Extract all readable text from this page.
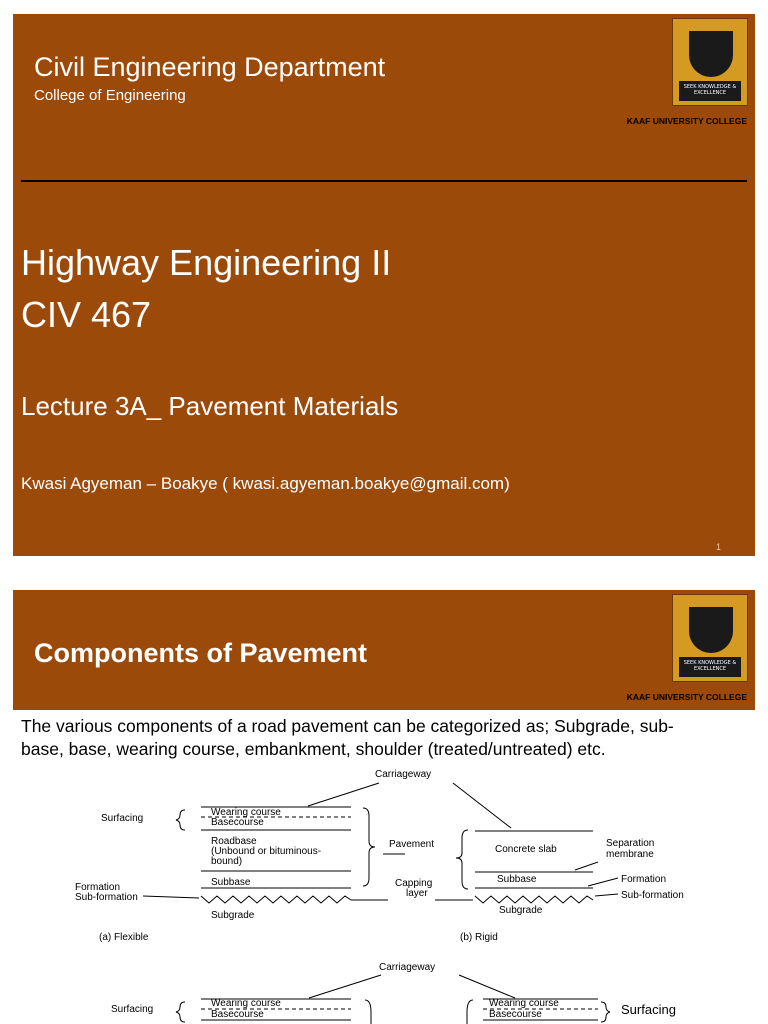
Civil Engineering Department
College of Engineering	SEEK KNOWLEDGE & EXCELLENCE
KAAF UNIVERSITY COLLEGE
Highway Engineering II
CIV 467
Lecture 3A_ Pavement Materials
Kwasi Agyeman – Boakye ( kwasi.agyeman.boakye@gmail.com)
1
Components of Pavement	SEEK KNOWLEDGE & EXCELLENCE
KAAF UNIVERSITY COLLEGE
The various components of a road pavement can be categorized as; Subgrade, sub-
base, base, wearing course, embankment, shoulder (treated/untreated) etc.
Carriageway
Surfacing
Wearing course
Basecourse
Roadbase
(Unbound or bituminous-
bound)
Pavement	Concrete slab
Separation
membrane
Subbase	Subbase
Capping
layer
Formation
Sub-formation
Formation
Sub-formation
Subgrade	Subgrade
(a) Flexible	(b) Rigid
Carriageway
Surfacing
Wearing course
Basecourse
Wearing course
Basecourse	Surfacing
